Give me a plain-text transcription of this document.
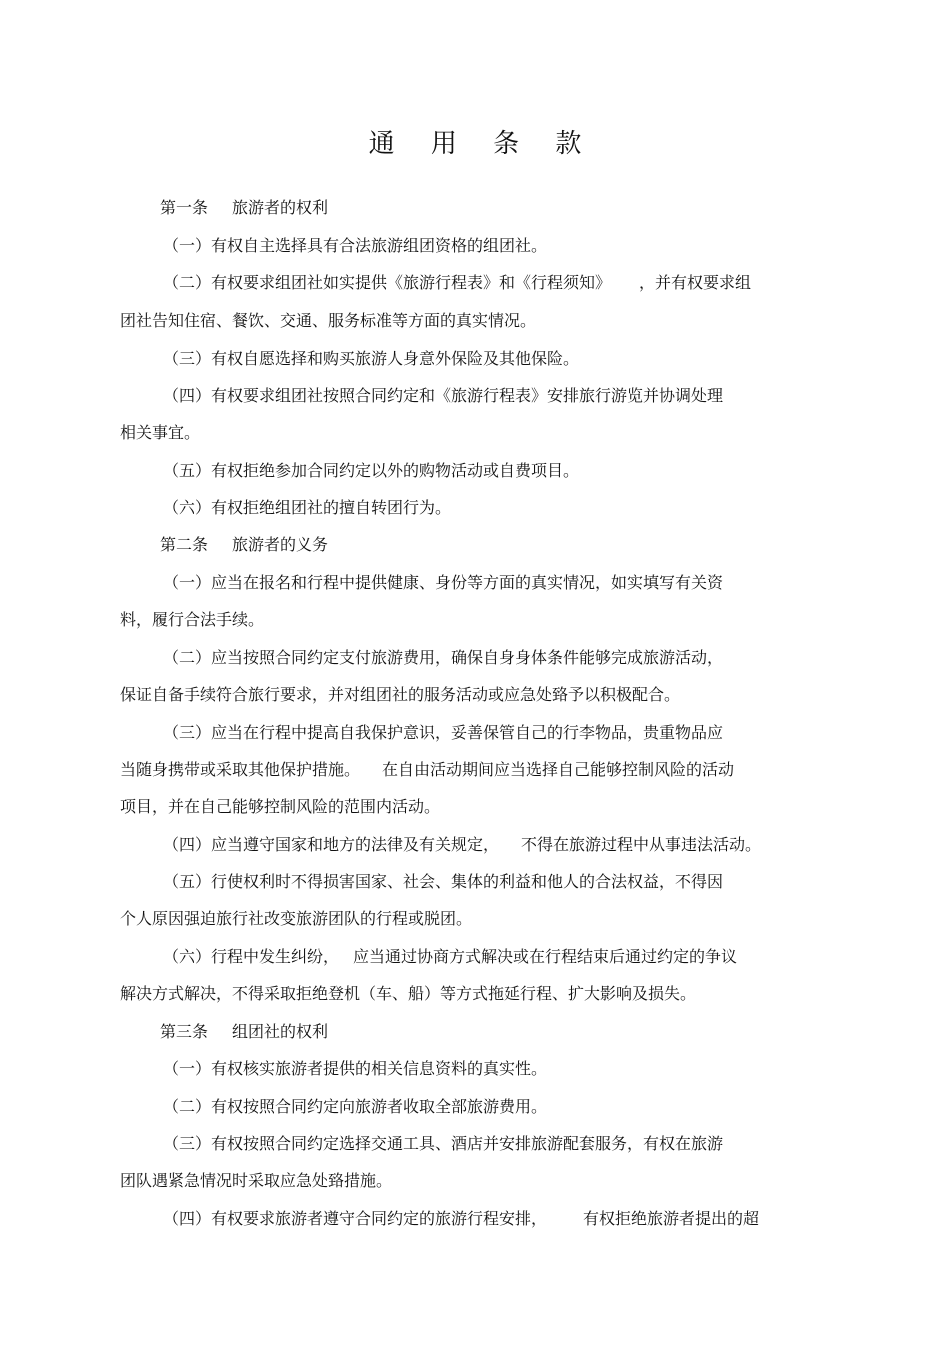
通 用 条 款
第一条 旅游者的权利
（一）有权自主选择具有合法旅游组团资格的组团社。
（二）有权要求组团社如实提供《旅游行程表》和《行程须知》 ，并有权要求组
团社告知住宿、餐饮、交通、服务标准等方面的真实情况。
（三）有权自愿选择和购买旅游人身意外保险及其他保险。
（四）有权要求组团社按照合同约定和《旅游行程表》安排旅行游览并协调处理
相关事宜。
（五）有权拒绝参加合同约定以外的购物活动或自费项目。
（六）有权拒绝组团社的擅自转团行为。
第二条 旅游者的义务
（一）应当在报名和行程中提供健康、身份等方面的真实情况，如实填写有关资
料，履行合法手续。
（二）应当按照合同约定支付旅游费用，确保自身身体条件能够完成旅游活动，
保证自备手续符合旅行要求，并对组团社的服务活动或应急处臵予以积极配合。
（三）应当在行程中提高自我保护意识，妥善保管自己的行李物品，贵重物品应
当随身携带或采取其他保护措施。 在自由活动期间应当选择自己能够控制风险的活动
项目，并在自己能够控制风险的范围内活动。
（四）应当遵守国家和地方的法律及有关规定， 不得在旅游过程中从事违法活动。
（五）行使权利时不得损害国家、社会、集体的利益和他人的合法权益，不得因
个人原因强迫旅行社改变旅游团队的行程或脱团。
（六）行程中发生纠纷， 应当通过协商方式解决或在行程结束后通过约定的争议
解决方式解决，不得采取拒绝登机（车、船）等方式拖延行程、扩大影响及损失。
第三条 组团社的权利
（一）有权核实旅游者提供的相关信息资料的真实性。
（二）有权按照合同约定向旅游者收取全部旅游费用。
（三）有权按照合同约定选择交通工具、酒店并安排旅游配套服务，有权在旅游
团队遇紧急情况时采取应急处臵措施。
（四）有权要求旅游者遵守合同约定的旅游行程安排， 有权拒绝旅游者提出的超
